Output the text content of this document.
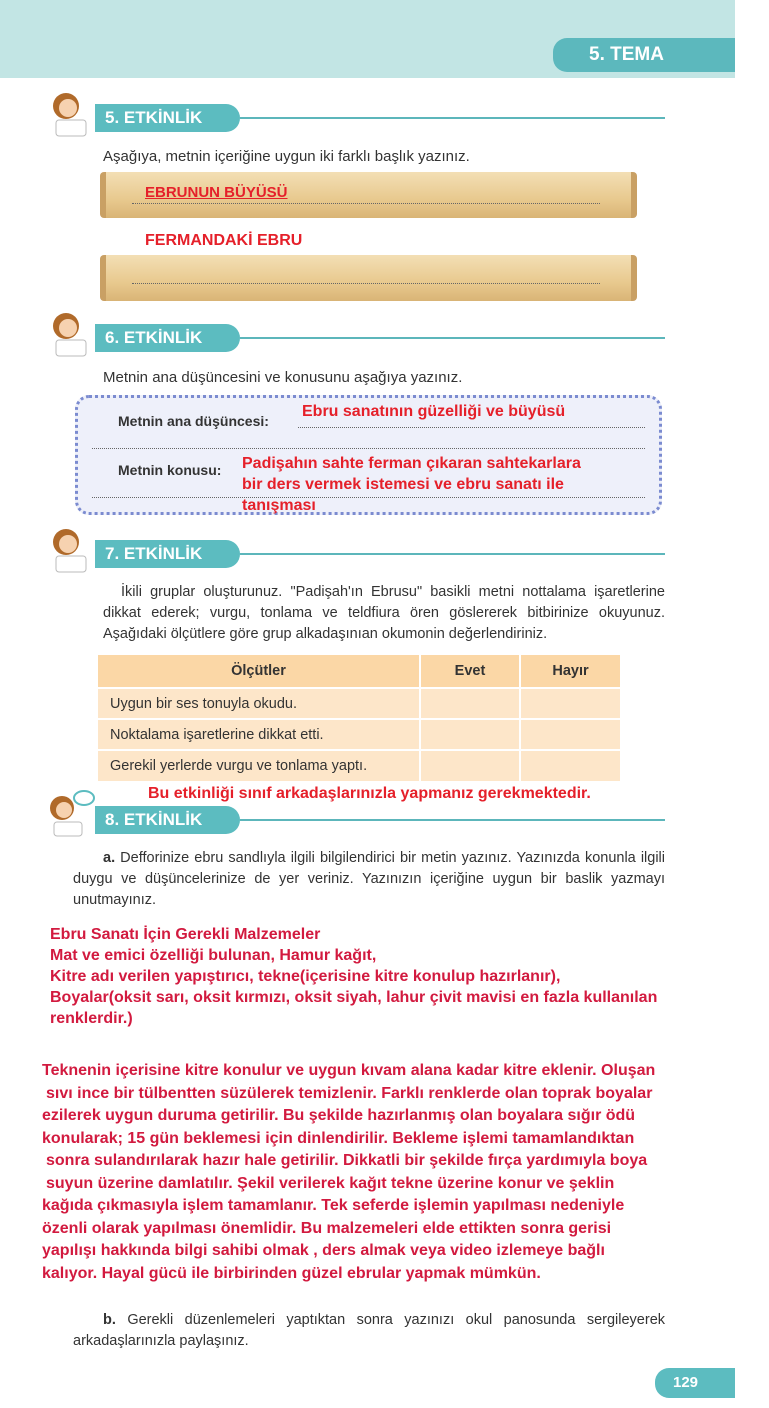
5. TEMA
5. ETKİNLİK
Aşağıya, metnin içeriğine uygun iki farklı başlık yazınız.
EBRUNUN BÜYÜSÜ
FERMANDAKİ EBRU
6. ETKİNLİK
Metnin ana düşüncesini ve konusunu aşağıya yazınız.
Metnin ana düşüncesi:
Ebru sanatının güzelliği ve büyüsü
Metnin konusu: Padişahın sahte ferman çıkaran sahtekarlara
bir ders vermek istemesi ve ebru sanatı ile
tanışması
7. ETKİNLİK
İkili gruplar oluşturunuz. "Padişah'ın Ebrusu" basikli metni nottalama işaretlerine dikkat ederek; vurgu, tonlama ve teldfiura ören göslererek bitbirinize okuyunuz. Aşağıdaki ölçütlere göre grup alkadaşınıan okumonin değerlendiriniz.
Ölçütler	Evet	Hayır
Uygun bir ses tonuyla okudu.		
Noktalama işaretlerine dikkat etti.		
Gerekil yerlerde vurgu ve tonlama yaptı.		
Bu etkinliği sınıf arkadaşlarınızla yapmanız gerekmektedir.
8. ETKİNLİK
a. Defforinize ebru sandlıyla ilgili bilgilendirici bir metin yazınız. Yazınızda konunla ilgili duygu ve düşüncelerinize de yer veriniz. Yazınızın içeriğine uygun bir baslik yazmayı unutmayınız.
Ebru Sanatı İçin Gerekli Malzemeler
Mat ve emici özelliği bulunan, Hamur kağıt,
Kitre adı verilen yapıştırıcı, tekne(içerisine kitre konulup hazırlanır),
Boyalar(oksit sarı, oksit kırmızı, oksit siyah, lahur çivit mavisi en fazla kullanılan
renklerdir.)
Teknenin içerisine kitre konulur ve uygun kıvam alana kadar kitre eklenir. Oluşan
sıvı ince bir tülbentten süzülerek temizlenir. Farklı renklerde olan toprak boyalar
ezilerek uygun duruma getirilir. Bu şekilde hazırlanmış olan boyalara sığır ödü
konularak; 15 gün beklemesi için dinlendirilir. Bekleme işlemi tamamlandıktan
sonra sulandırılarak hazır hale getirilir. Dikkatli bir şekilde fırça yardımıyla boya
suyun üzerine damlatılır. Şekil verilerek kağıt tekne üzerine konur ve şeklin
kağıda çıkmasıyla işlem tamamlanır. Tek seferde işlemin yapılması nedeniyle
özenli olarak yapılması önemlidir. Bu malzemeleri elde ettikten sonra gerisi
yapılışı hakkında bilgi sahibi olmak , ders almak veya video izlemeye bağlı
kalıyor. Hayal gücü ile birbirinden güzel ebrular yapmak mümkün.
b. Gerekli düzenlemeleri yaptıktan sonra yazınızı okul panosunda sergileyerek arkadaşlarınızla paylaşınız.
129
